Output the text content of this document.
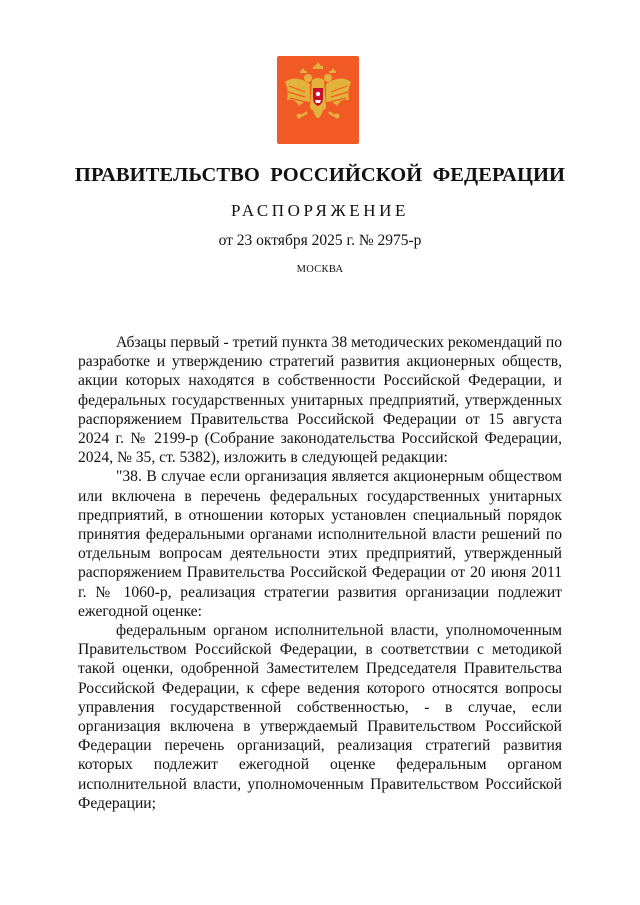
ПРАВИТЕЛЬСТВО РОССИЙСКОЙ ФЕДЕРАЦИИ
РАСПОРЯЖЕНИЕ
от 23 октября 2025 г. № 2975-р
МОСКВА

Абзацы первый - третий пункта 38 методических рекомендаций по разработке и утверждению стратегий развития акционерных обществ, акции которых находятся в собственности Российской Федерации, и федеральных государственных унитарных предприятий, утвержденных распоряжением Правительства Российской Федерации от 15 августа 2024 г. № 2199-р (Собрание законодательства Российской Федерации, 2024, № 35, ст. 5382), изложить в следующей редакции:

"38. В случае если организация является акционерным обществом или включена в перечень федеральных государственных унитарных предприятий, в отношении которых установлен специальный порядок принятия федеральными органами исполнительной власти решений по отдельным вопросам деятельности этих предприятий, утвержденный распоряжением Правительства Российской Федерации от 20 июня 2011 г. № 1060-р, реализация стратегии развития организации подлежит ежегодной оценке:

федеральным органом исполнительной власти, уполномоченным Правительством Российской Федерации, в соответствии с методикой такой оценки, одобренной Заместителем Председателя Правительства Российской Федерации, к сфере ведения которого относятся вопросы управления государственной собственностью, - в случае, если организация включена в утверждаемый Правительством Российской Федерации перечень организаций, реализация стратегий развития которых подлежит ежегодной оценке федеральным органом исполнительной власти, уполномоченным Правительством Российской Федерации;
